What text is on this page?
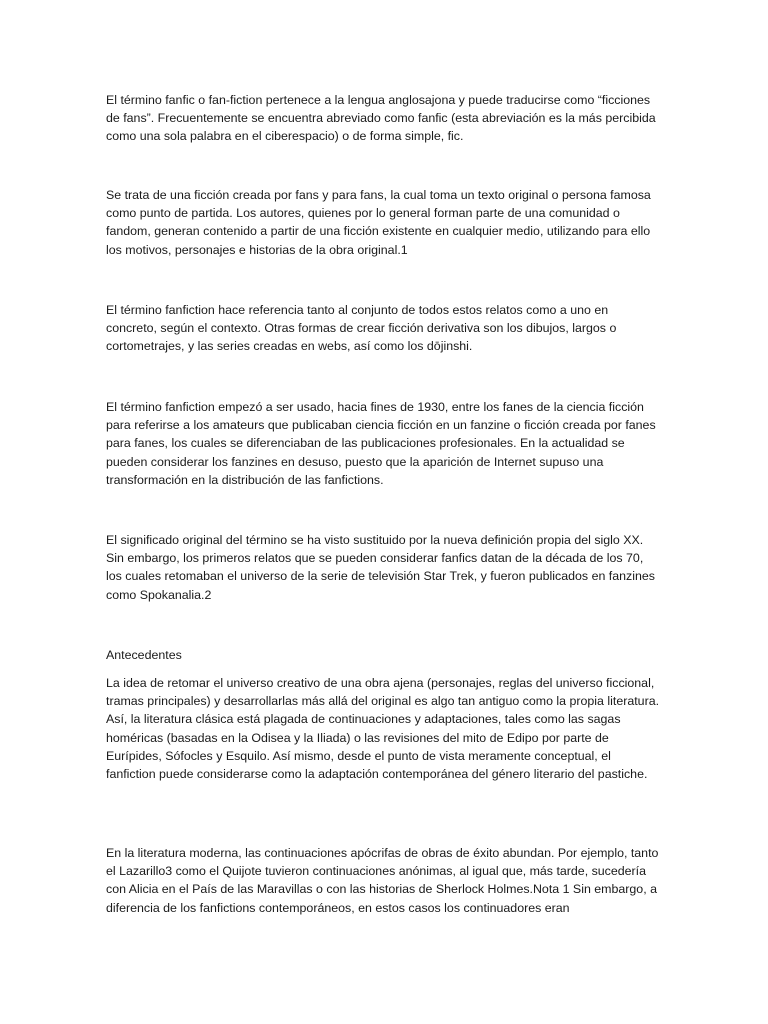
El término fanfic o fan-fiction pertenece a la lengua anglosajona y puede traducirse como “ficciones de fans”. Frecuentemente se encuentra abreviado como fanfic (esta abreviación es la más percibida como una sola palabra en el ciberespacio) o de forma simple, fic.

Se trata de una ficción creada por fans y para fans, la cual toma un texto original o persona famosa como punto de partida. Los autores, quienes por lo general forman parte de una comunidad o fandom, generan contenido a partir de una ficción existente en cualquier medio, utilizando para ello los motivos, personajes e historias de la obra original.1

El término fanfiction hace referencia tanto al conjunto de todos estos relatos como a uno en concreto, según el contexto. Otras formas de crear ficción derivativa son los dibujos, largos o cortometrajes, y las series creadas en webs, así como los dōjinshi.

El término fanfiction empezó a ser usado, hacia fines de 1930, entre los fanes de la ciencia ficción para referirse a los amateurs que publicaban ciencia ficción en un fanzine o ficción creada por fanes para fanes, los cuales se diferenciaban de las publicaciones profesionales. En la actualidad se pueden considerar los fanzines en desuso, puesto que la aparición de Internet supuso una transformación en la distribución de las fanfictions.

El significado original del término se ha visto sustituido por la nueva definición propia del siglo XX. Sin embargo, los primeros relatos que se pueden considerar fanfics datan de la década de los 70, los cuales retomaban el universo de la serie de televisión Star Trek, y fueron publicados en fanzines como Spokanalia.2

Antecedentes

La idea de retomar el universo creativo de una obra ajena (personajes, reglas del universo ficcional, tramas principales) y desarrollarlas más allá del original es algo tan antiguo como la propia literatura. Así, la literatura clásica está plagada de continuaciones y adaptaciones, tales como las sagas homéricas (basadas en la Odisea y la Iliada) o las revisiones del mito de Edipo por parte de Eurípides, Sófocles y Esquilo. Así mismo, desde el punto de vista meramente conceptual, el fanfiction puede considerarse como la adaptación contemporánea del género literario del pastiche.

En la literatura moderna, las continuaciones apócrifas de obras de éxito abundan. Por ejemplo, tanto el Lazarillo3 como el Quijote tuvieron continuaciones anónimas, al igual que, más tarde, sucedería con Alicia en el País de las Maravillas o con las historias de Sherlock Holmes.Nota 1 Sin embargo, a diferencia de los fanfictions contemporáneos, en estos casos los continuadores eran
